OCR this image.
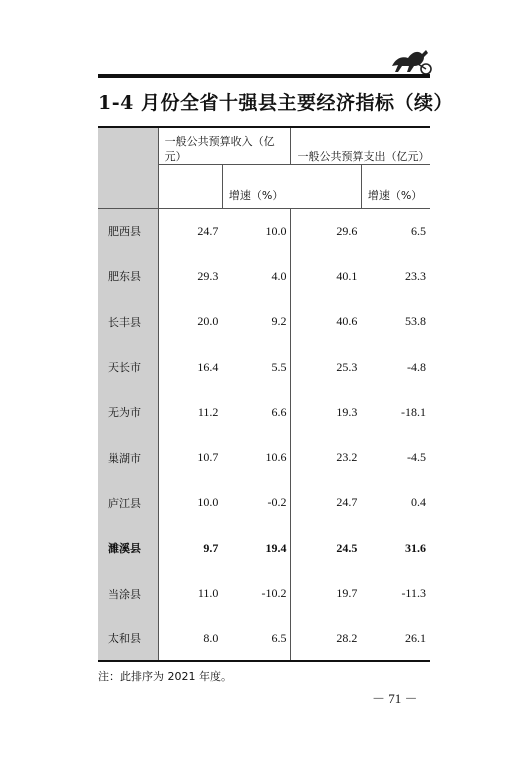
1-4 月份全省十强县主要经济指标（续）
	一般公共预算收入（亿元）		一般公共预算支出（亿元）	
		增速（%）		增速（%）
肥西县	24.7	10.0	29.6	6.5
肥东县	29.3	4.0	40.1	23.3
长丰县	20.0	9.2	40.6	53.8
天长市	16.4	5.5	25.3	-4.8
无为市	11.2	6.6	19.3	-18.1
巢湖市	10.7	10.6	23.2	-4.5
庐江县	10.0	-0.2	24.7	0.4
濉溪县	9.7	19.4	24.5	31.6
当涂县	11.0	-10.2	19.7	-11.3
太和县	8.0	6.5	28.2	26.1
注：此排序为 2021 年度。
－ 71 －
